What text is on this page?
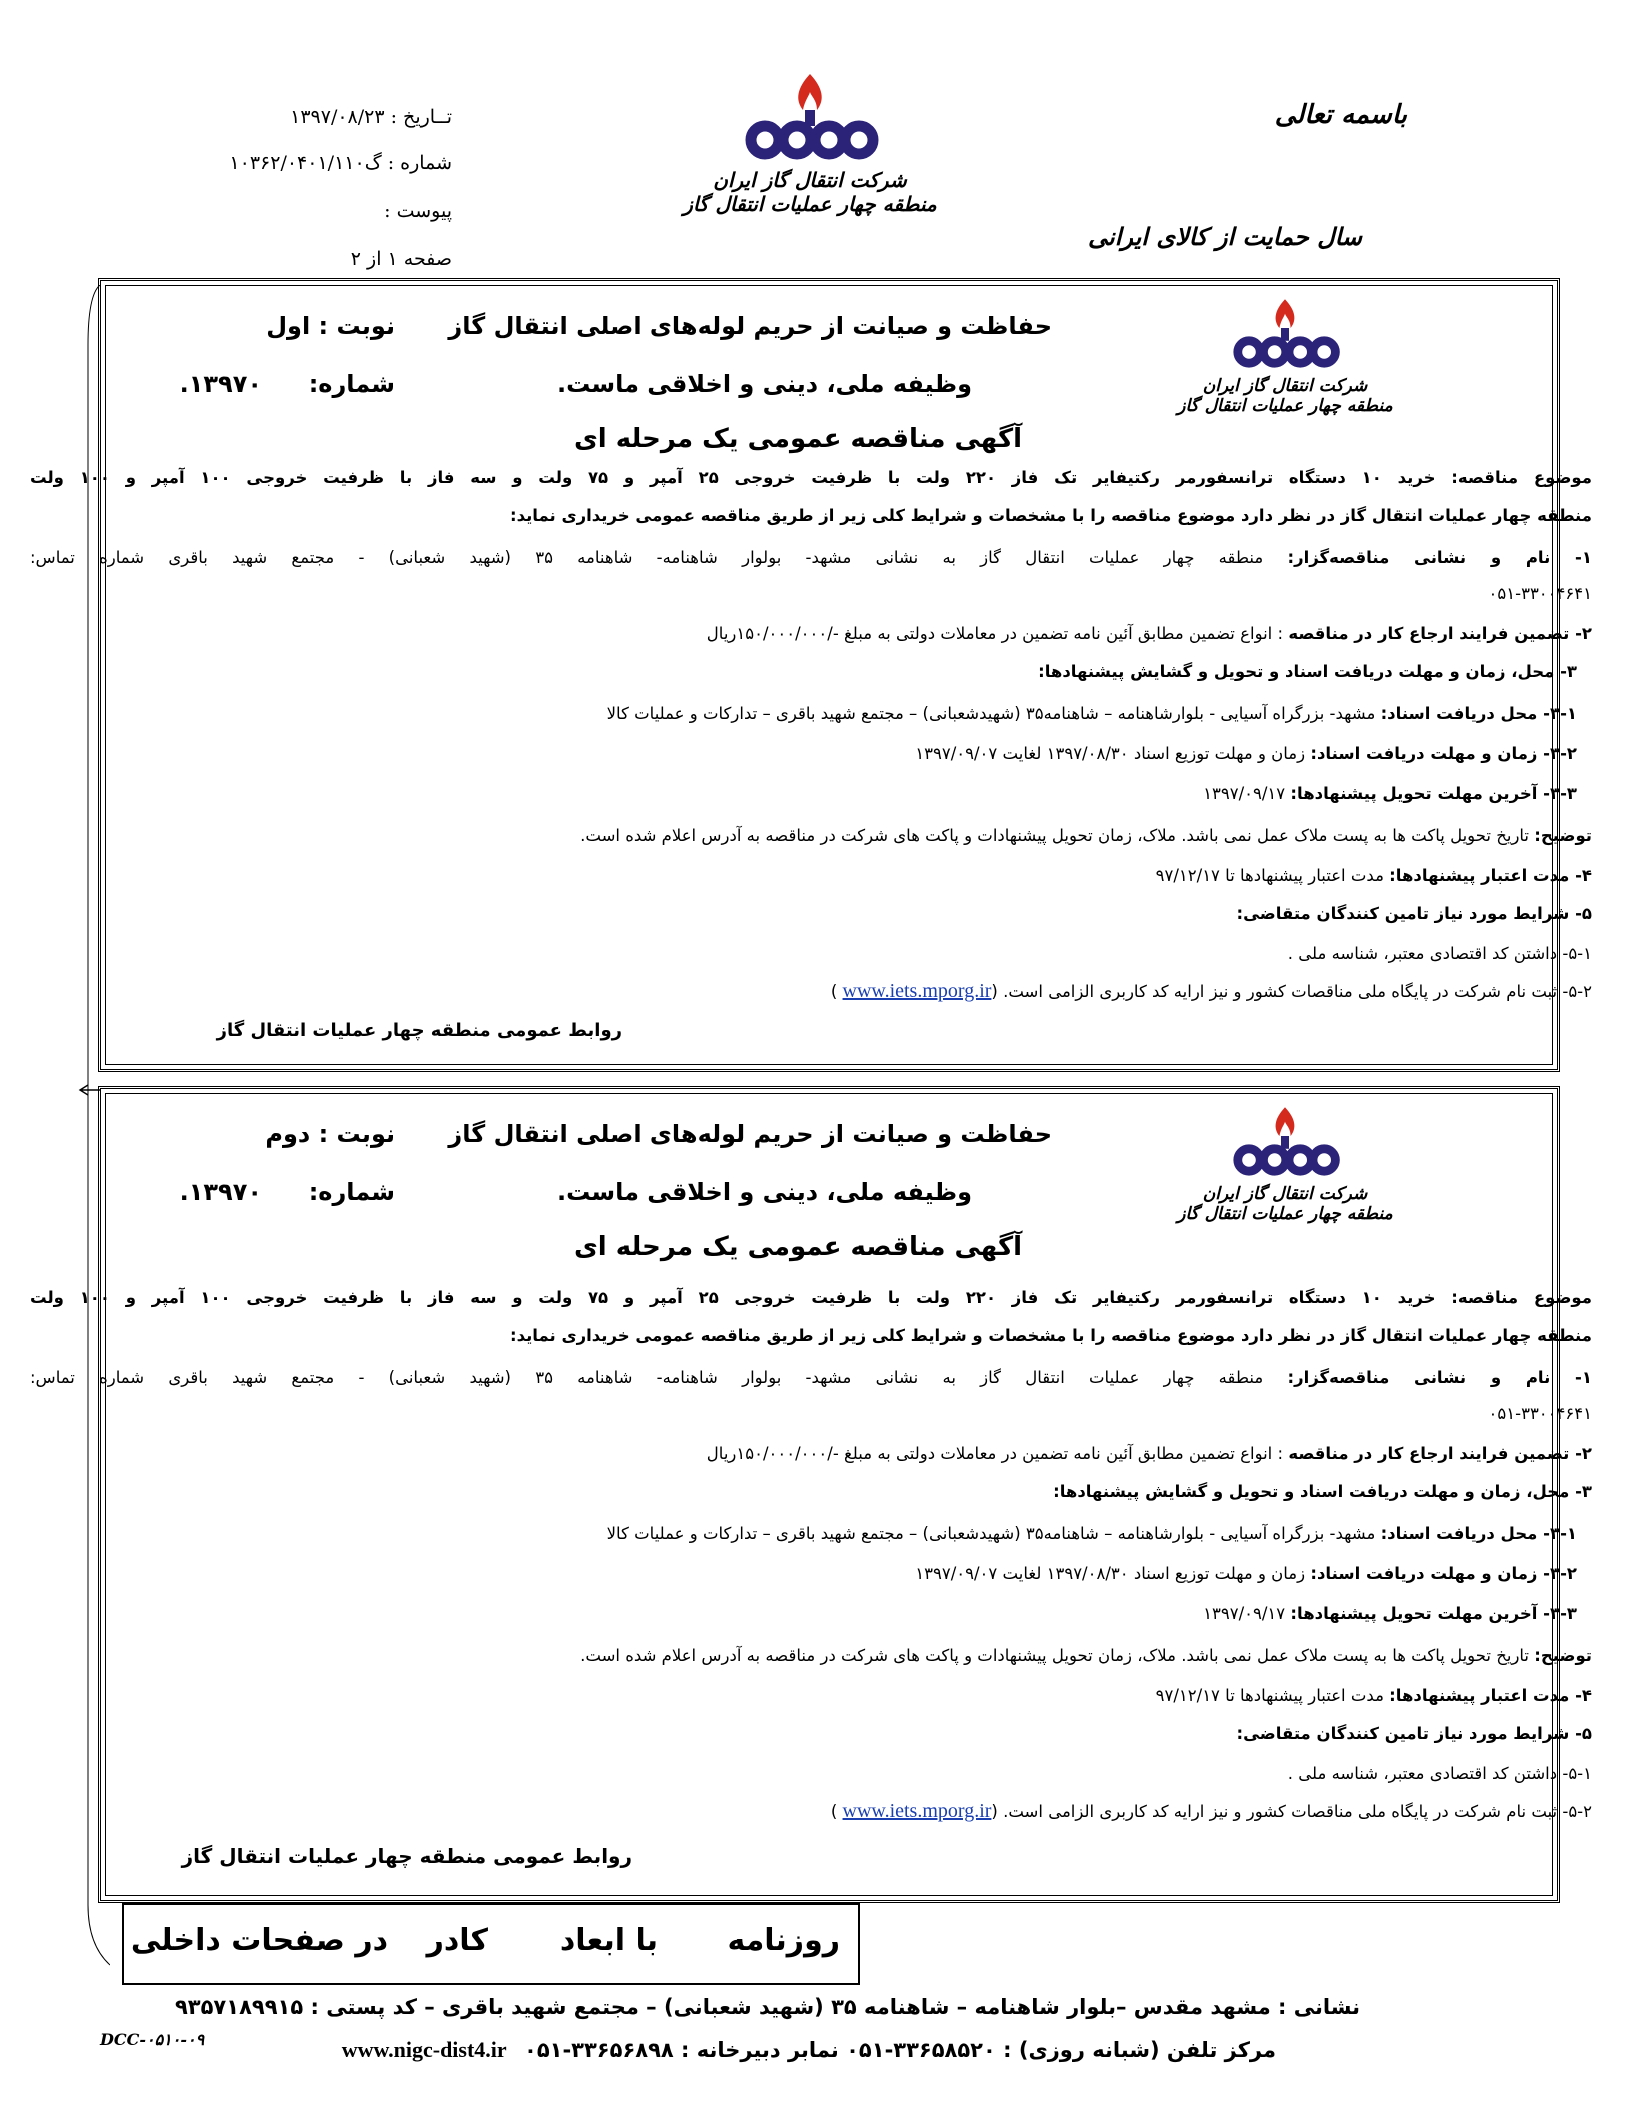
باسمه تعالی
سال حمایت از کالای ایرانی
تــاریخ : ۱۳۹۷/۰۸/۲۳
شماره : گ۱۰۳۶۲/۰۴۰۱/۱۱۰
پیوست :
صفحه ۱ از ۲
شرکت انتقال گاز ایران
منطقه چهار عملیات انتقال گاز
شرکت انتقال گاز ایران
منطقه چهار عملیات انتقال گاز
حفاظت و صیانت از حریم لوله‌های اصلی انتقال گاز
وظیفه ملی، دینی و اخلاقی ماست.
آگهی مناقصه عمومی یک مرحله ای
نوبت : اول
شماره:
۱۳۹۷۰.
موضوع مناقصه: خرید ۱۰ دستگاه ترانسفورمر رکتیفایر تک فاز ۲۲۰ ولت با ظرفیت خروجی ۲۵ آمپر و ۷۵ ولت و سه فاز با ظرفیت خروجی ۱۰۰ آمپر و ۱۰۰ ولت
منطقه چهار عملیات انتقال گاز در نظر دارد موضوع مناقصه را با مشخصات و شرایط کلی زیر از طریق مناقصه عمومی خریداری نماید:
۱- نام و نشانی مناقصه‌گزار: منطقه چهار عملیات انتقال گاز به نشانی مشهد- بولوار شاهنامه- شاهنامه ۳۵ (شهید شعبانی) - مجتمع شهید باقری شماره تماس:
۰۵۱-۳۳۰۰۴۶۴۱
۲- تضمین فرایند ارجاع کار در مناقصه : انواع تضمین مطابق آئین نامه تضمین در معاملات دولتی به مبلغ -/۱۵۰/۰۰۰/۰۰۰ریال
۳- محل، زمان و مهلت دریافت اسناد و تحویل و گشایش پیشنهادها:
۳-۱- محل دریافت اسناد: مشهد- بزرگراه آسیایی - بلوارشاهنامه – شاهنامه۳۵ (شهیدشعبانی) – مجتمع شهید باقری – تدارکات و عملیات کالا
۳-۲- زمان و مهلت دریافت اسناد: زمان و مهلت توزیع اسناد ۱۳۹۷/۰۸/۳۰ لغایت ۱۳۹۷/۰۹/۰۷
۳-۳- آخرین مهلت تحویل پیشنهادها: ۱۳۹۷/۰۹/۱۷
توضیح: تاریخ تحویل پاکت ها به پست ملاک عمل نمی باشد. ملاک، زمان تحویل پیشنهادات و پاکت های شرکت در مناقصه به آدرس اعلام شده است.
۴- مدت اعتبار پیشنهادها: مدت اعتبار پیشنهادها تا ۹۷/۱۲/۱۷
۵- شرایط مورد نیاز تامین کنندگان متقاضی:
۵-۱- داشتن کد اقتصادی معتبر، شناسه ملی .
۵-۲- ثبت نام شرکت در پایگاه ملی مناقصات کشور و نیز ارایه کد کاربری الزامی است. (www.iets.mporg.ir )
روابط عمومی منطقه چهار عملیات انتقال گاز
شرکت انتقال گاز ایران
منطقه چهار عملیات انتقال گاز
حفاظت و صیانت از حریم لوله‌های اصلی انتقال گاز
وظیفه ملی، دینی و اخلاقی ماست.
آگهی مناقصه عمومی یک مرحله ای
نوبت : دوم
شماره:
۱۳۹۷۰.
موضوع مناقصه: خرید ۱۰ دستگاه ترانسفورمر رکتیفایر تک فاز ۲۲۰ ولت با ظرفیت خروجی ۲۵ آمپر و ۷۵ ولت و سه فاز با ظرفیت خروجی ۱۰۰ آمپر و ۱۰۰ ولت
منطقه چهار عملیات انتقال گاز در نظر دارد موضوع مناقصه را با مشخصات و شرایط کلی زیر از طریق مناقصه عمومی خریداری نماید:
۱- نام و نشانی مناقصه‌گزار: منطقه چهار عملیات انتقال گاز به نشانی مشهد- بولوار شاهنامه- شاهنامه ۳۵ (شهید شعبانی) - مجتمع شهید باقری شماره تماس:
۰۵۱-۳۳۰۰۴۶۴۱
۲- تضمین فرایند ارجاع کار در مناقصه : انواع تضمین مطابق آئین نامه تضمین در معاملات دولتی به مبلغ -/۱۵۰/۰۰۰/۰۰۰ریال
۳- محل، زمان و مهلت دریافت اسناد و تحویل و گشایش پیشنهادها:
۳-۱- محل دریافت اسناد: مشهد- بزرگراه آسیایی - بلوارشاهنامه – شاهنامه۳۵ (شهیدشعبانی) – مجتمع شهید باقری – تدارکات و عملیات کالا
۳-۲- زمان و مهلت دریافت اسناد: زمان و مهلت توزیع اسناد ۱۳۹۷/۰۸/۳۰ لغایت ۱۳۹۷/۰۹/۰۷
۳-۳- آخرین مهلت تحویل پیشنهادها: ۱۳۹۷/۰۹/۱۷
توضیح: تاریخ تحویل پاکت ها به پست ملاک عمل نمی باشد. ملاک، زمان تحویل پیشنهادات و پاکت های شرکت در مناقصه به آدرس اعلام شده است.
۴- مدت اعتبار پیشنهادها: مدت اعتبار پیشنهادها تا ۹۷/۱۲/۱۷
۵- شرایط مورد نیاز تامین کنندگان متقاضی:
۵-۱- داشتن کد اقتصادی معتبر، شناسه ملی .
۵-۲- ثبت نام شرکت در پایگاه ملی مناقصات کشور و نیز ارایه کد کاربری الزامی است. (www.iets.mporg.ir )
روابط عمومی منطقه چهار عملیات انتقال گاز
روزنامه
با ابعاد
کادر
در صفحات داخلی
نشانی : مشهد مقدس –بلوار شاهنامه – شاهنامه ۳۵ (شهید شعبانی) – مجتمع شهید باقری – کد پستی : ۹۳۵۷۱۸۹۹۱۵
مرکز تلفن (شبانه روزی) : ۳۳۶۵۸۵۲۰-۰۵۱ نمابر دبیرخانه : ۳۳۶۵۶۸۹۸-۰۵۱ www.nigc-dist4.ir
DCC-۰۵۱۰-۰۹
